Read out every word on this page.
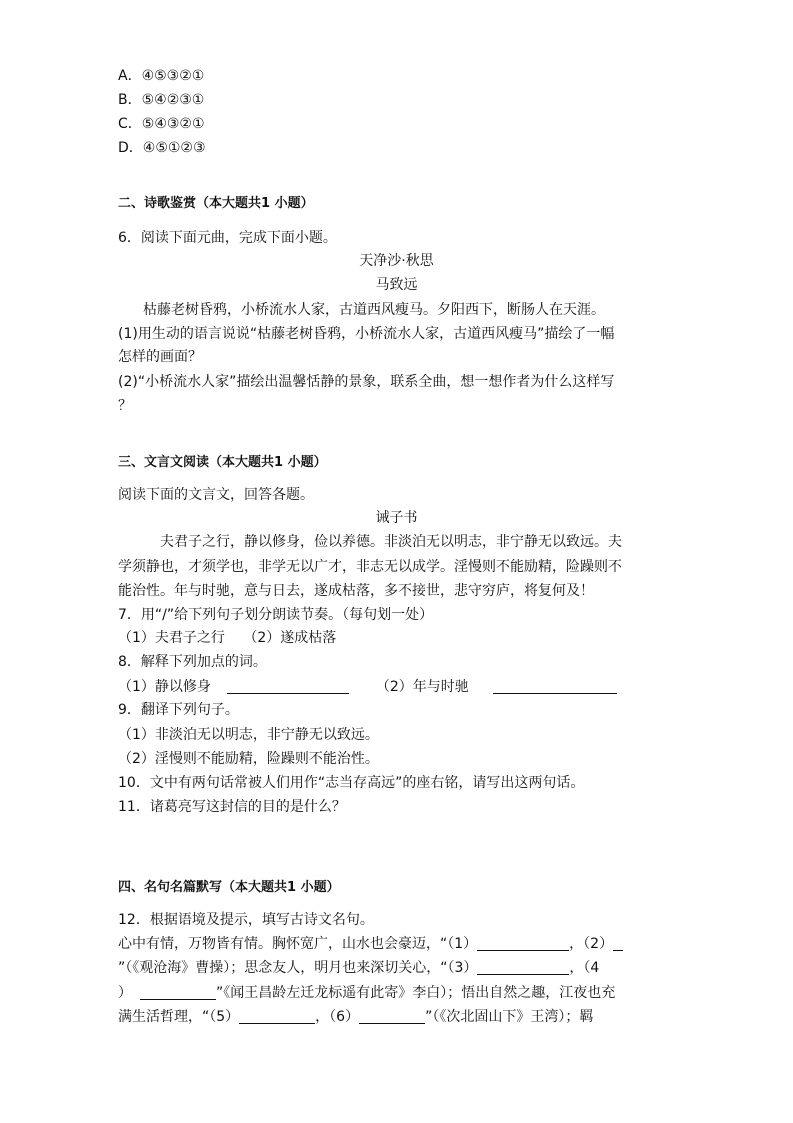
A．④⑤③②①
B．⑤④②③①
C．⑤④③②①
D．④⑤①②③
二、诗歌鉴赏（本大题共1 小题）
6．阅读下面元曲，完成下面小题。
天净沙·秋思
马致远
枯藤老树昏鸦，小桥流水人家，古道西风瘦马。夕阳西下，断肠人在天涯。
(1)用生动的语言说说“枯藤老树昏鸦，小桥流水人家，古道西风瘦马”描绘了一幅
怎样的画面？
(2)“小桥流水人家”描绘出温馨恬静的景象，联系全曲，想一想作者为什么这样写
？
三、文言文阅读（本大题共1 小题）
阅读下面的文言文，回答各题。
诫子书
夫君子之行，静以修身，俭以养德。非淡泊无以明志，非宁静无以致远。夫
学须静也，才须学也，非学无以广才，非志无以成学。淫慢则不能励精，险躁则不
能治性。年与时驰，意与日去，遂成枯落，多不接世，悲守穷庐，将复何及！
7．用“/”给下列句子划分朗读节奏。（每句划一处）
（1）夫君子之行　 （2）遂成枯落
8．解释下列加点的词。
（1）静以修身	（2）年与时驰
9．翻译下列句子。
（1）非淡泊无以明志，非宁静无以致远。
（2）淫慢则不能励精，险躁则不能治性。
10．文中有两句话常被人们用作“志当存高远”的座右铭，请写出这两句话。
11．诸葛亮写这封信的目的是什么？
四、名句名篇默写（本大题共1 小题）
12．根据语境及提示，填写古诗文名句。
心中有情，万物皆有情。胸怀宽广，山水也会豪迈，“（1）	，（2）
”（《观沧海》曹操）；思念友人，明月也来深切关心，“（3）	，（4
）	”《闻王昌龄左迁龙标遥有此寄》李白）；悟出自然之趣，江夜也充
满生活哲理，“（5）	，（6）	”（《次北固山下》王湾）；羁
